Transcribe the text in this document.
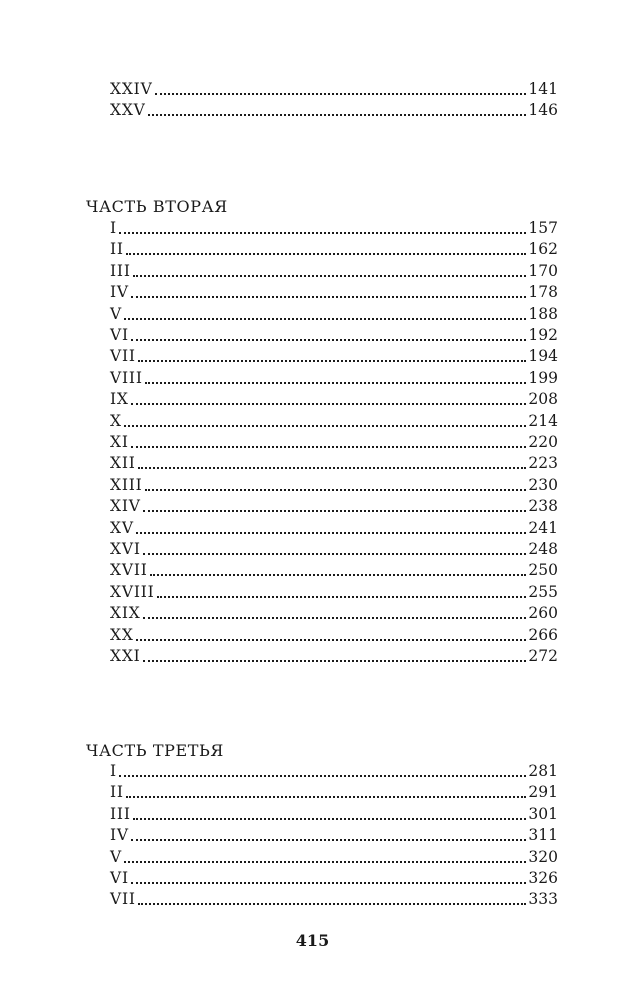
XXIV	141
XXV	146
ЧАСТЬ ВТОРАЯ
I	157
II	162
III	170
IV	178
V	188
VI	192
VII	194
VIII	199
IX	208
X	214
XI	220
XII	223
XIII	230
XIV	238
XV	241
XVI	248
XVII	250
XVIII	255
XIX	260
XX	266
XXI	272
ЧАСТЬ ТРЕТЬЯ
I	281
II	291
III	301
IV	311
V	320
VI	326
VII	333
415
